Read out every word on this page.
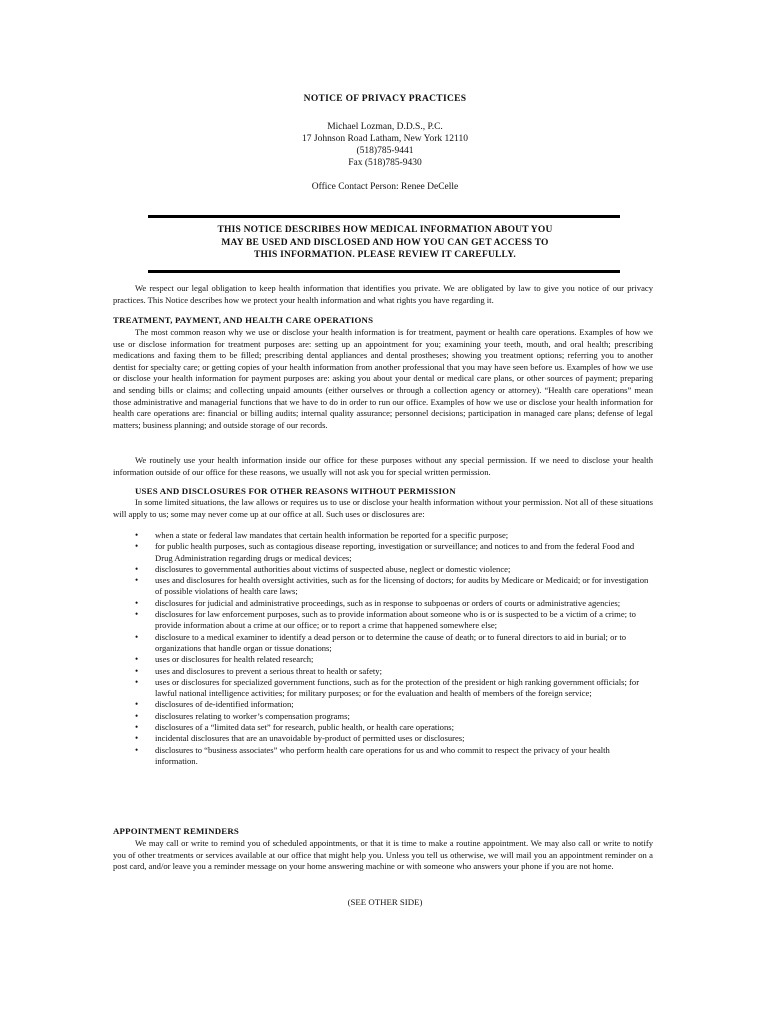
NOTICE OF PRIVACY PRACTICES
Michael Lozman, D.D.S., P.C.
17 Johnson Road Latham, New York 12110
(518)785-9441
Fax (518)785-9430
Office Contact Person: Renee DeCelle
THIS NOTICE DESCRIBES HOW MEDICAL INFORMATION ABOUT YOU
MAY BE USED AND DISCLOSED AND HOW YOU CAN GET ACCESS TO
THIS INFORMATION. PLEASE REVIEW IT CAREFULLY.
We respect our legal obligation to keep health information that identifies you private. We are obligated by law to give you notice of our privacy practices. This Notice describes how we protect your health information and what rights you have regarding it.
TREATMENT, PAYMENT, AND HEALTH CARE OPERATIONS
The most common reason why we use or disclose your health information is for treatment, payment or health care operations. Examples of how we use or disclose information for treatment purposes are: setting up an appointment for you; examining your teeth, mouth, and oral health; prescribing medications and faxing them to be filled; prescribing dental appliances and dental prostheses; showing you treatment options; referring you to another dentist for specialty care; or getting copies of your health information from another professional that you may have seen before us. Examples of how we use or disclose your health information for payment purposes are: asking you about your dental or medical care plans, or other sources of payment; preparing and sending bills or claims; and collecting unpaid amounts (either ourselves or through a collection agency or attorney). “Health care operations” mean those administrative and managerial functions that we have to do in order to run our office. Examples of how we use or disclose your health information for health care operations are: financial or billing audits; internal quality assurance; personnel decisions; participation in managed care plans; defense of legal matters; business planning; and outside storage of our records.
We routinely use your health information inside our office for these purposes without any special permission. If we need to disclose your health information outside of our office for these reasons, we usually will not ask you for special written permission.
USES AND DISCLOSURES FOR OTHER REASONS WITHOUT PERMISSION
In some limited situations, the law allows or requires us to use or disclose your health information without your permission. Not all of these situations will apply to us; some may never come up at our office at all. Such uses or disclosures are:
• when a state or federal law mandates that certain health information be reported for a specific purpose;
• for public health purposes, such as contagious disease reporting, investigation or surveillance; and notices to and from the federal Food and Drug Administration regarding drugs or medical devices;
• disclosures to governmental authorities about victims of suspected abuse, neglect or domestic violence;
• uses and disclosures for health oversight activities, such as for the licensing of doctors; for audits by Medicare or Medicaid; or for investigation of possible violations of health care laws;
• disclosures for judicial and administrative proceedings, such as in response to subpoenas or orders of courts or administrative agencies;
• disclosures for law enforcement purposes, such as to provide information about someone who is or is suspected to be a victim of a crime; to provide information about a crime at our office; or to report a crime that happened somewhere else;
• disclosure to a medical examiner to identify a dead person or to determine the cause of death; or to funeral directors to aid in burial; or to organizations that handle organ or tissue donations;
• uses or disclosures for health related research;
• uses and disclosures to prevent a serious threat to health or safety;
• uses or disclosures for specialized government functions, such as for the protection of the president or high ranking government officials; for lawful national intelligence activities; for military purposes; or for the evaluation and health of members of the foreign service;
• disclosures of de-identified information;
• disclosures relating to worker’s compensation programs;
• disclosures of a “limited data set” for research, public health, or health care operations;
• incidental disclosures that are an unavoidable by-product of permitted uses or disclosures;
• disclosures to “business associates” who perform health care operations for us and who commit to respect the privacy of your health information.
APPOINTMENT REMINDERS
We may call or write to remind you of scheduled appointments, or that it is time to make a routine appointment. We may also call or write to notify you of other treatments or services available at our office that might help you. Unless you tell us otherwise, we will mail you an appointment reminder on a post card, and/or leave you a reminder message on your home answering machine or with someone who answers your phone if you are not home.
(SEE OTHER SIDE)
